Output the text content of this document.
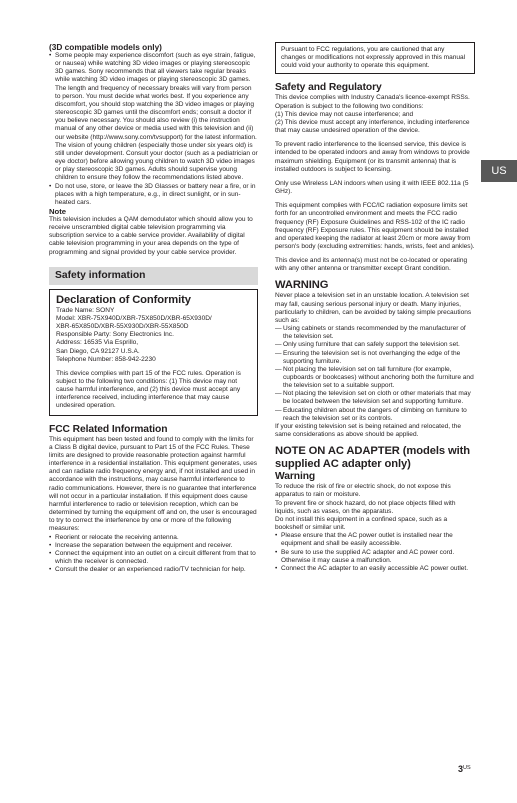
(3D compatible models only)

• Some people may experience discomfort (such as eye strain, fatigue, or nausea) while watching 3D video images or playing stereoscopic 3D games. Sony recommends that all viewers take regular breaks while watching 3D video images or playing stereoscopic 3D games. The length and frequency of necessary breaks will vary from person to person. You must decide what works best. If you experience any discomfort, you should stop watching the 3D video images or playing stereoscopic 3D games until the discomfort ends; consult a doctor if you believe necessary. You should also review (i) the instruction manual of any other device or media used with this television and (ii) our website (http://www.sony.com/tvsupport) for the latest information. The vision of young children (especially those under six years old) is still under development. Consult your doctor (such as a pediatrician or eye doctor) before allowing young children to watch 3D video images or play stereoscopic 3D games. Adults should supervise young children to ensure they follow the recommendations listed above.
• Do not use, store, or leave the 3D Glasses or battery near a fire, or in places with a high temperature, e.g., in direct sunlight, or in sun-heated cars.

Note

This television includes a QAM demodulator which should allow you to receive unscrambled digital cable television programming via subscription service to a cable service provider. Availability of digital cable television programming in your area depends on the type of programming and signal provided by your cable service provider.

Safety information

Declaration of Conformity

Trade Name: SONY

Model: XBR-75X940D/XBR-75X850D/XBR-65X930D/

XBR-65X850D/XBR-55X930D/XBR-55X850D

Responsible Party: Sony Electronics Inc.

Address: 16535 Via Esprillo,

San Diego, CA 92127 U.S.A.

Telephone Number: 858-942-2230

This device complies with part 15 of the FCC rules. Operation is subject to the following two conditions: (1) This device may not cause harmful interference, and (2) this device must accept any interference received, including interference that may cause undesired operation.

FCC Related Information

This equipment has been tested and found to comply with the limits for a Class B digital device, pursuant to Part 15 of the FCC Rules. These limits are designed to provide reasonable protection against harmful interference in a residential installation. This equipment generates, uses and can radiate radio frequency energy and, if not installed and used in accordance with the instructions, may cause harmful interference to radio communications. However, there is no guarantee that interference will not occur in a particular installation. If this equipment does cause harmful interference to radio or television reception, which can be determined by turning the equipment off and on, the user is encouraged to try to correct the interference by one or more of the following measures:

• Reorient or relocate the receiving antenna.
• Increase the separation between the equipment and receiver.
• Connect the equipment into an outlet on a circuit different from that to which the receiver is connected.
• Consult the dealer or an experienced radio/TV technician for help.

Pursuant to FCC regulations, you are cautioned that any changes or modifications not expressly approved in this manual could void your authority to operate this equipment.

Safety and Regulatory

This device complies with Industry Canada's licence-exempt RSSs. Operation is subject to the following two conditions:

(1) This device may not cause interference; and

(2) This device must accept any interference, including interference that may cause undesired operation of the device.

To prevent radio interference to the licensed service, this device is intended to be operated indoors and away from windows to provide maximum shielding. Equipment (or its transmit antenna) that is installed outdoors is subject to licensing.

Only use Wireless LAN indoors when using it with IEEE 802.11a (5 GHz).

This equipment complies with FCC/IC radiation exposure limits set forth for an uncontrolled environment and meets the FCC radio frequency (RF) Exposure Guidelines and RSS-102 of the IC radio frequency (RF) Exposure rules. This equipment should be installed and operated keeping the radiator at least 20cm or more away from person's body (excluding extremities: hands, wrists, feet and ankles).

This device and its antenna(s) must not be co-located or operating with any other antenna or transmitter except Grant condition.

WARNING

Never place a television set in an unstable location. A television set may fall, causing serious personal injury or death. Many injuries, particularly to children, can be avoided by taking simple precautions such as:

— Using cabinets or stands recommended by the manufacturer of the television set.
— Only using furniture that can safely support the television set.
— Ensuring the television set is not overhanging the edge of the supporting furniture.
— Not placing the television set on tall furniture (for example, cupboards or bookcases) without anchoring both the furniture and the television set to a suitable support.
— Not placing the television set on cloth or other materials that may be located between the television set and supporting furniture.
— Educating children about the dangers of climbing on furniture to reach the television set or its controls.

If your existing television set is being retained and relocated, the same considerations as above should be applied.

NOTE ON AC ADAPTER (models with supplied AC adapter only)

Warning

To reduce the risk of fire or electric shock, do not expose this apparatus to rain or moisture.

To prevent fire or shock hazard, do not place objects filled with liquids, such as vases, on the apparatus.

Do not install this equipment in a confined space, such as a bookshelf or similar unit.

• Please ensure that the AC power outlet is installed near the equipment and shall be easily accessible.
• Be sure to use the supplied AC adapter and AC power cord. Otherwise it may cause a malfunction.
• Connect the AC adapter to an easily accessible AC power outlet.
US
$3^{US}$
